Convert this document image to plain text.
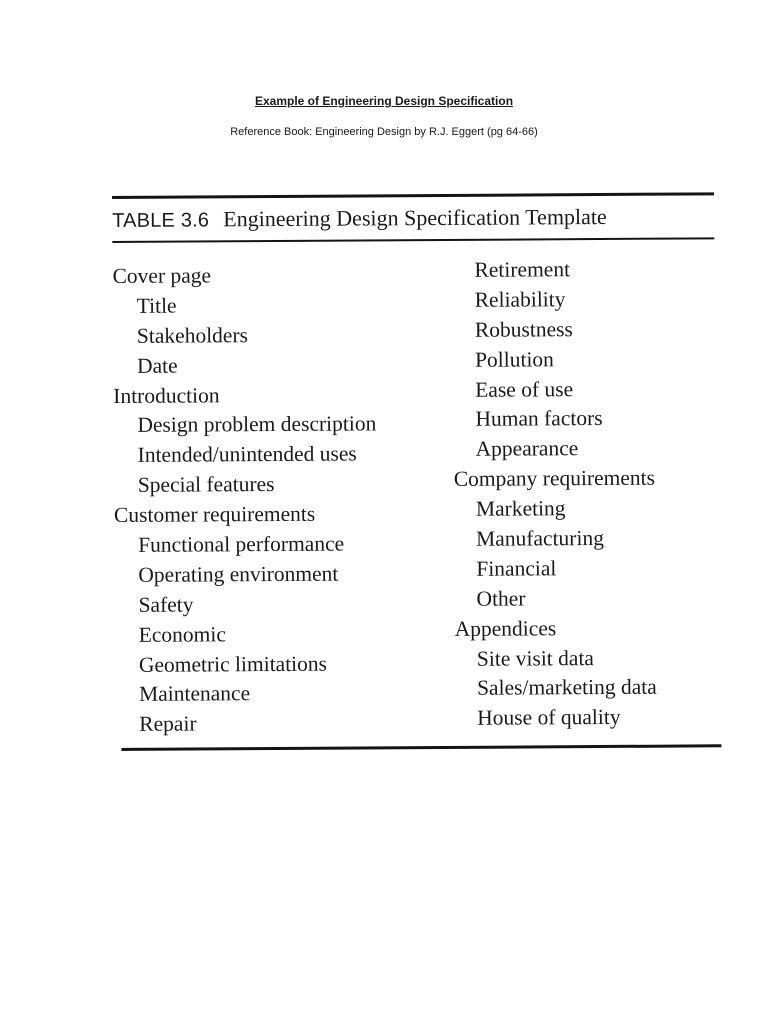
Example of Engineering Design Specification
Reference Book: Engineering Design by R.J. Eggert (pg 64-66)
TABLE 3.6 Engineering Design Specification Template
Cover page
Title
Stakeholders
Date
Introduction
Design problem description
Intended/unintended uses
Special features
Customer requirements
Functional performance
Operating environment
Safety
Economic
Geometric limitations
Maintenance
Repair
Retirement
Reliability
Robustness
Pollution
Ease of use
Human factors
Appearance
Company requirements
Marketing
Manufacturing
Financial
Other
Appendices
Site visit data
Sales/marketing data
House of quality
